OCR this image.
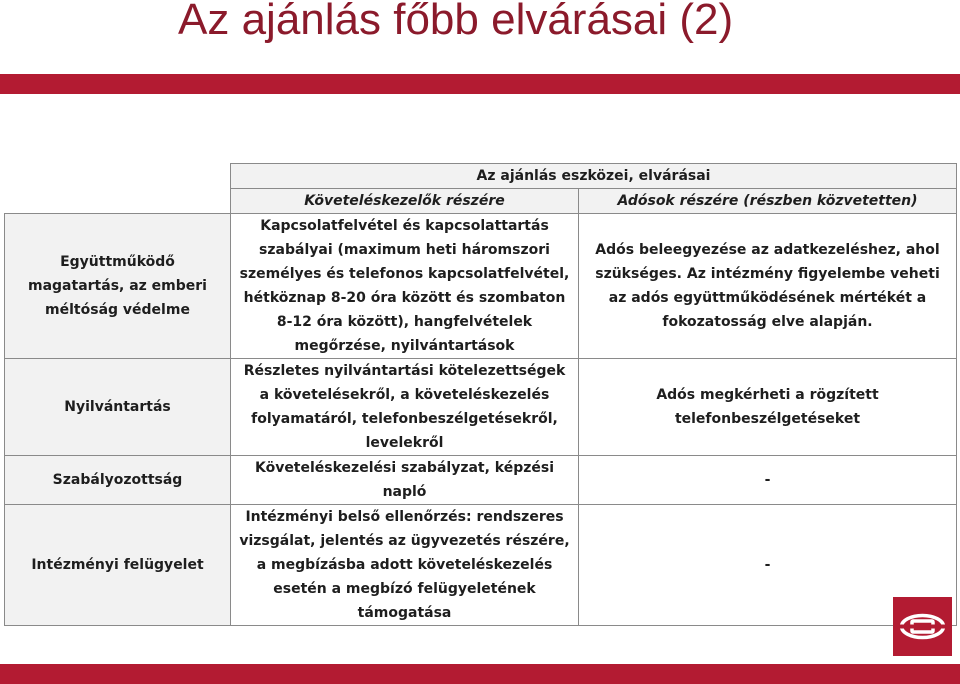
Az ajánlás főbb elvárásai (2)
	Az ajánlás eszközei, elvárásai	
	Követeléskezelők részére	Adósok részére (részben közvetetten)
Együttműködő magatartás, az emberi méltóság védelme	Kapcsolatfelvétel és kapcsolattartás szabályai (maximum heti háromszori személyes és telefonos kapcsolatfelvétel, hétköznap 8-20 óra között és szombaton 8-12 óra között), hangfelvételek megőrzése, nyilvántartások	Adós beleegyezése az adatkezeléshez, ahol szükséges. Az intézmény figyelembe veheti az adós együttműködésének mértékét a fokozatosság elve alapján.
Nyilvántartás	Részletes nyilvántartási kötelezettségek a követelésekről, a követeléskezelés folyamatáról, telefonbeszélgetésekről, levelekről	Adós megkérheti a rögzített telefonbeszélgetéseket
Szabályozottság	Követeléskezelési szabályzat, képzési napló	-
Intézményi felügyelet	Intézményi belső ellenőrzés: rendszeres vizsgálat, jelentés az ügyvezetés részére, a megbízásba adott követeléskezelés esetén a megbízó felügyeletének támogatása	-
